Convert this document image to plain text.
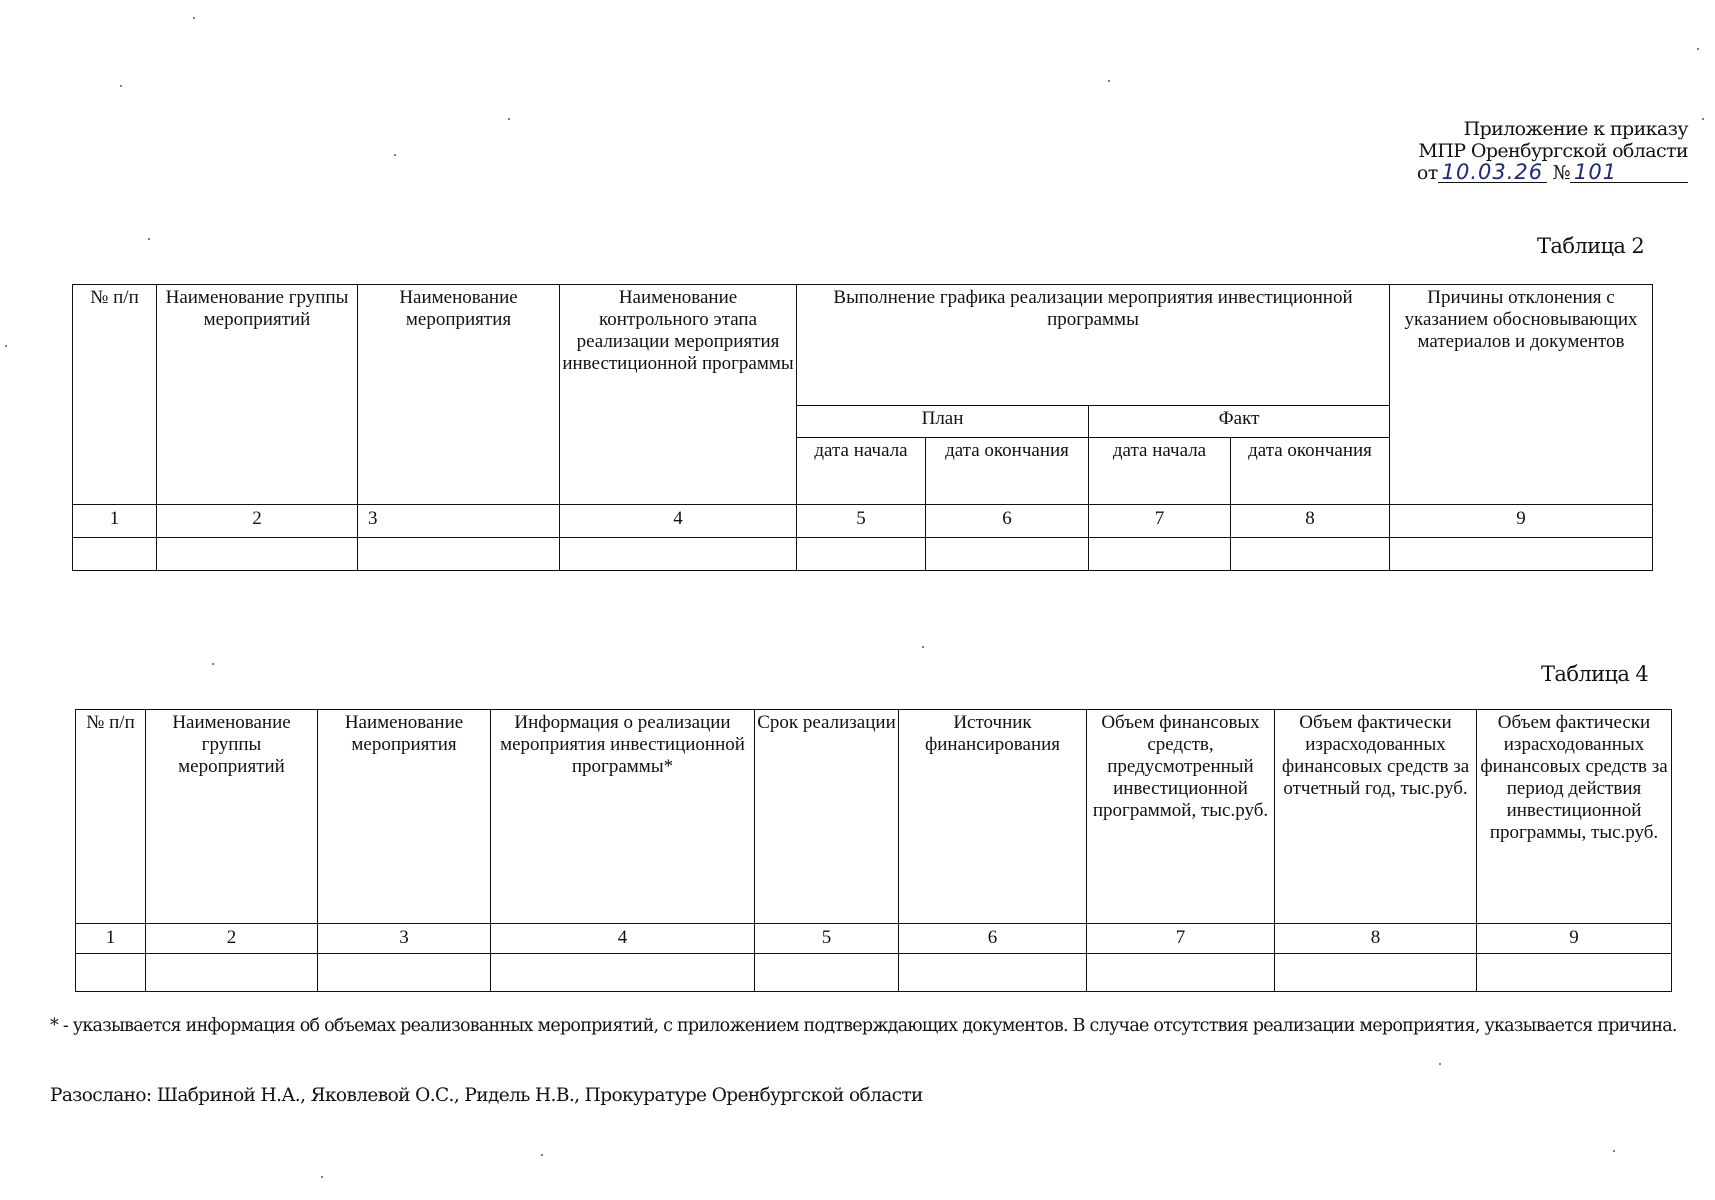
Приложение к приказу
МПР Оренбургской области
от 10.03.26 № 101
Таблица 2
№ п/п	Наименование группы мероприятий	Наименование мероприятия	Наименование контрольного этапа реализации мероприятия инвестиционной программы	Выполнение графика реализации мероприятия инвестиционной программы				Причины отклонения с указанием обосновывающих материалов и документов
				План		Факт		
				дата начала	дата окончания	дата начала	дата окончания	
1	2	3	4	5	6	7	8	9

Таблица 4
№ п/п	Наименование группы мероприятий	Наименование мероприятия	Информация о реализации мероприятия инвестиционной программы*	Срок реализации	Источник финансирования	Объем финансовых средств, предусмотренный инвестиционной программой, тыс.руб.	Объем фактически израсходованных финансовых средств за отчетный год, тыс.руб.	Объем фактически израсходованных финансовых средств за период действия инвестиционной программы, тыс.руб.
1	2	3	4	5	6	7	8	9

* - указывается информация об объемах реализованных мероприятий, с приложением подтверждающих документов. В случае отсутствия реализации мероприятия, указывается причина.
Разослано: Шабриной Н.А., Яковлевой О.С., Ридель Н.В., Прокуратуре Оренбургской области
